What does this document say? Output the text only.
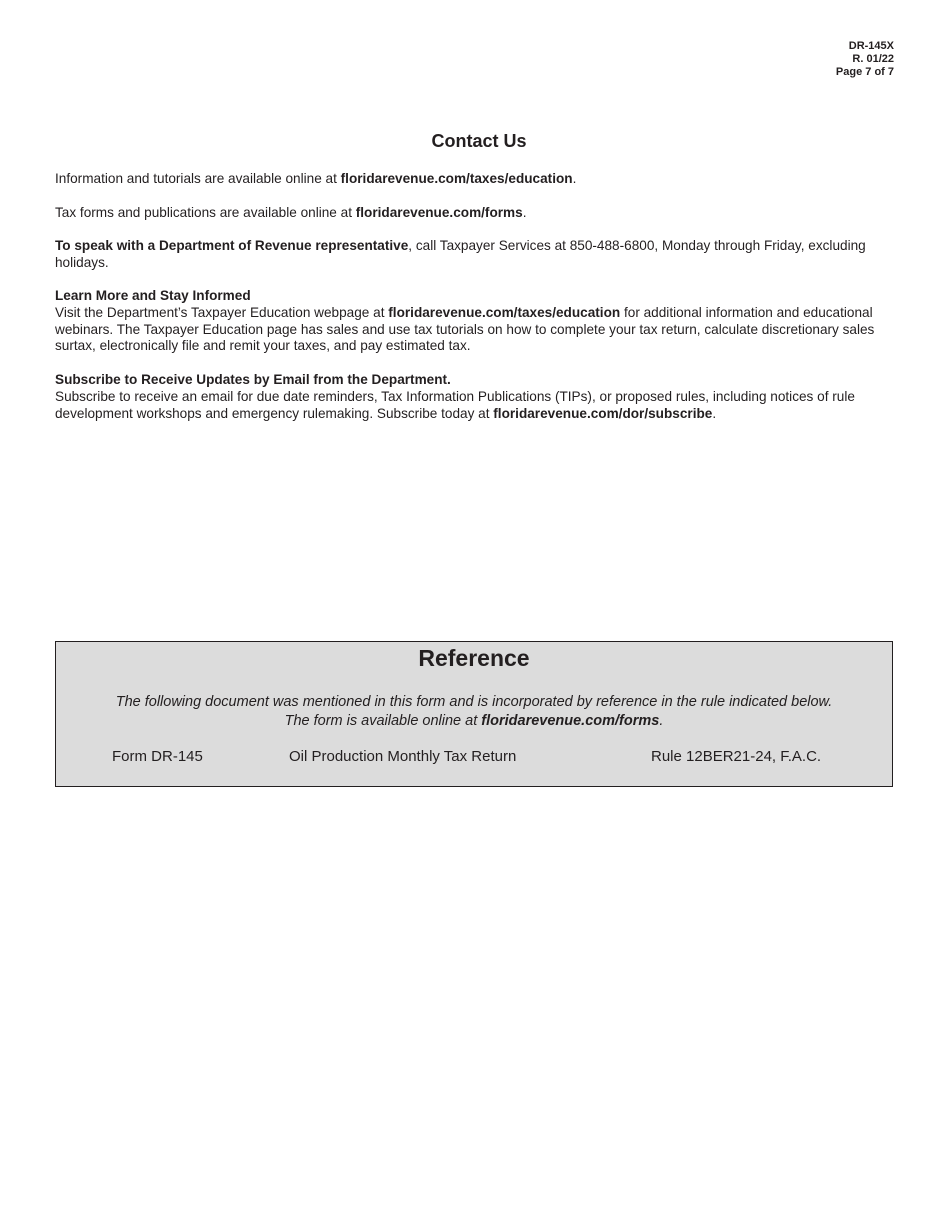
DR-145X
R. 01/22
Page 7 of 7
Contact Us
Information and tutorials are available online at floridarevenue.com/taxes/education.
Tax forms and publications are available online at floridarevenue.com/forms.
To speak with a Department of Revenue representative, call Taxpayer Services at 850-488-6800, Monday through Friday, excluding holidays.
Learn More and Stay Informed
Visit the Department’s Taxpayer Education webpage at floridarevenue.com/taxes/education for additional information and educational webinars. The Taxpayer Education page has sales and use tax tutorials on how to complete your tax return, calculate discretionary sales surtax, electronically file and remit your taxes, and pay estimated tax.
Subscribe to Receive Updates by Email from the Department.
Subscribe to receive an email for due date reminders, Tax Information Publications (TIPs), or proposed rules, including notices of rule development workshops and emergency rulemaking. Subscribe today at floridarevenue.com/dor/subscribe.
Reference
The following document was mentioned in this form and is incorporated by reference in the rule indicated below.
The form is available online at floridarevenue.com/forms.
Form DR-145	Oil Production Monthly Tax Return	Rule 12BER21-24, F.A.C.
